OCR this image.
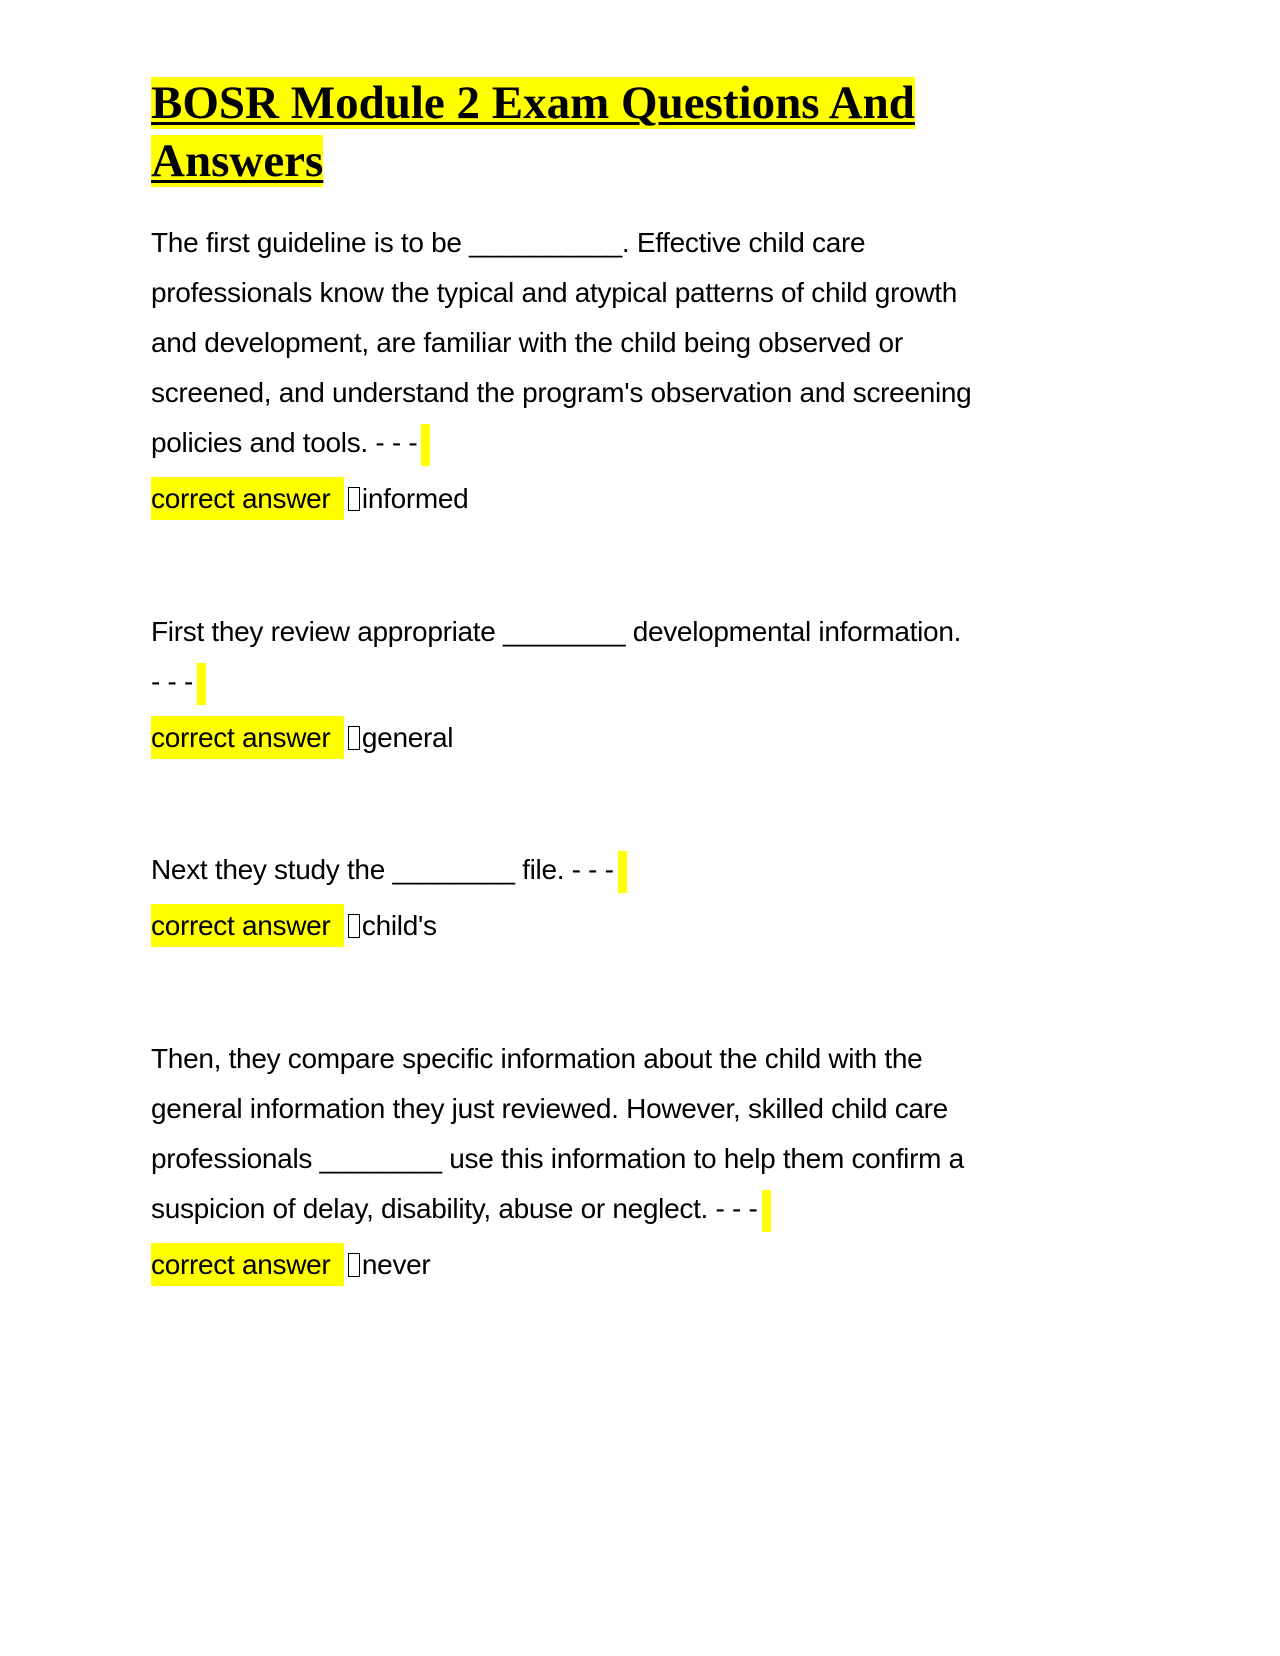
BOSR Module 2 Exam Questions And
Answers
The first guideline is to be __________. Effective child care
professionals know the typical and atypical patterns of child growth
and development, are familiar with the child being observed or
screened, and understand the program's observation and screening
policies and tools. - - -
correct answer informed
First they review appropriate ________ developmental information.
- - -
correct answer general
Next they study the ________ file. - - -
correct answer child's
Then, they compare specific information about the child with the
general information they just reviewed. However, skilled child care
professionals ________ use this information to help them confirm a
suspicion of delay, disability, abuse or neglect. - - -
correct answer never
